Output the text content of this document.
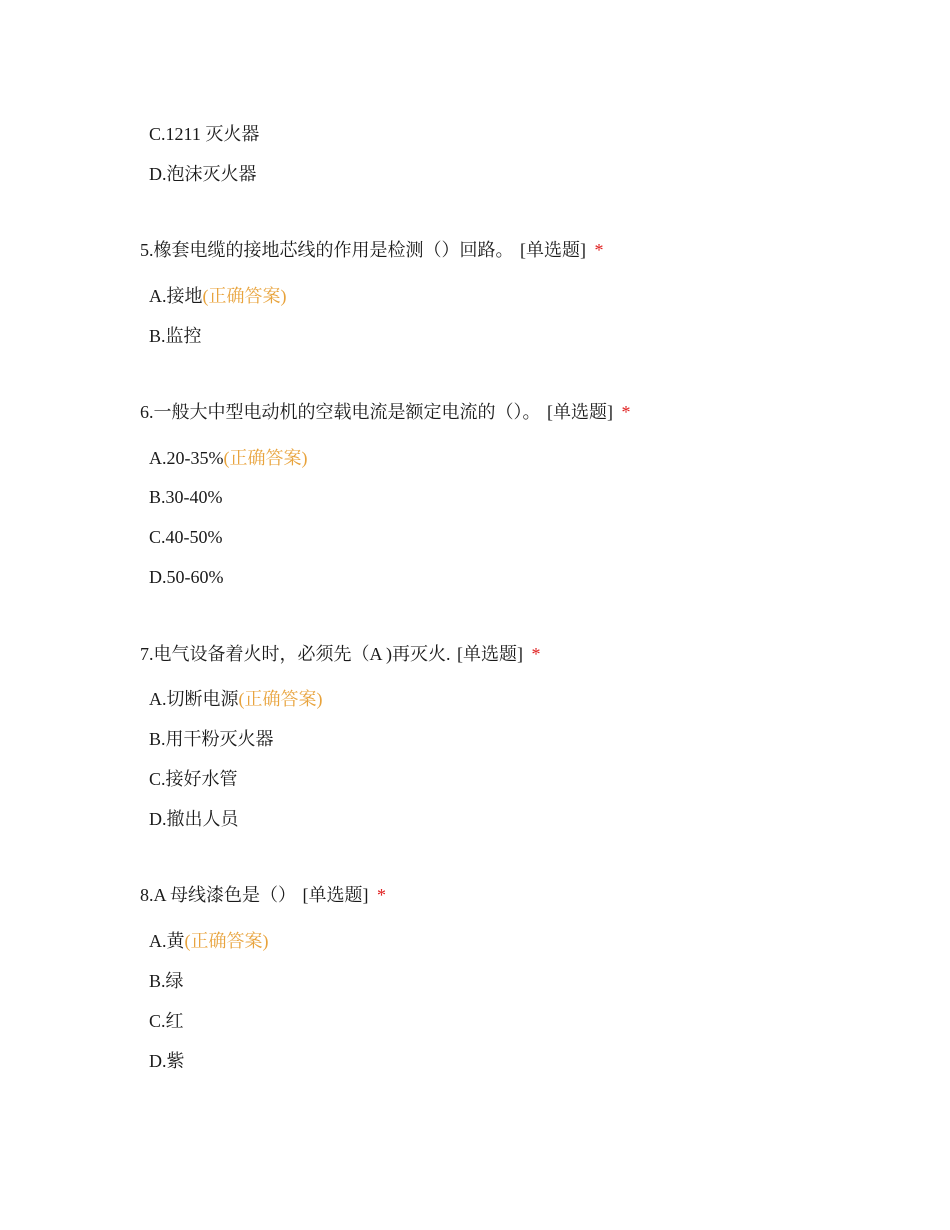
C.1211 灭火器
D.泡沫灭火器
5.橡套电缆的接地芯线的作用是检测（）回路。 [单选题] *
A.接地(正确答案)
B.监控
6.一般大中型电动机的空载电流是额定电流的（）。 [单选题] *
A.20-35%(正确答案)
B.30-40%
C.40-50%
D.50-60%
7.电气设备着火时，必须先（A )再灭火. [单选题] *
A.切断电源(正确答案)
B.用干粉灭火器
C.接好水管
D.撤出人员
8.A 母线漆色是（） [单选题] *
A.黄(正确答案)
B.绿
C.红
D.紫
